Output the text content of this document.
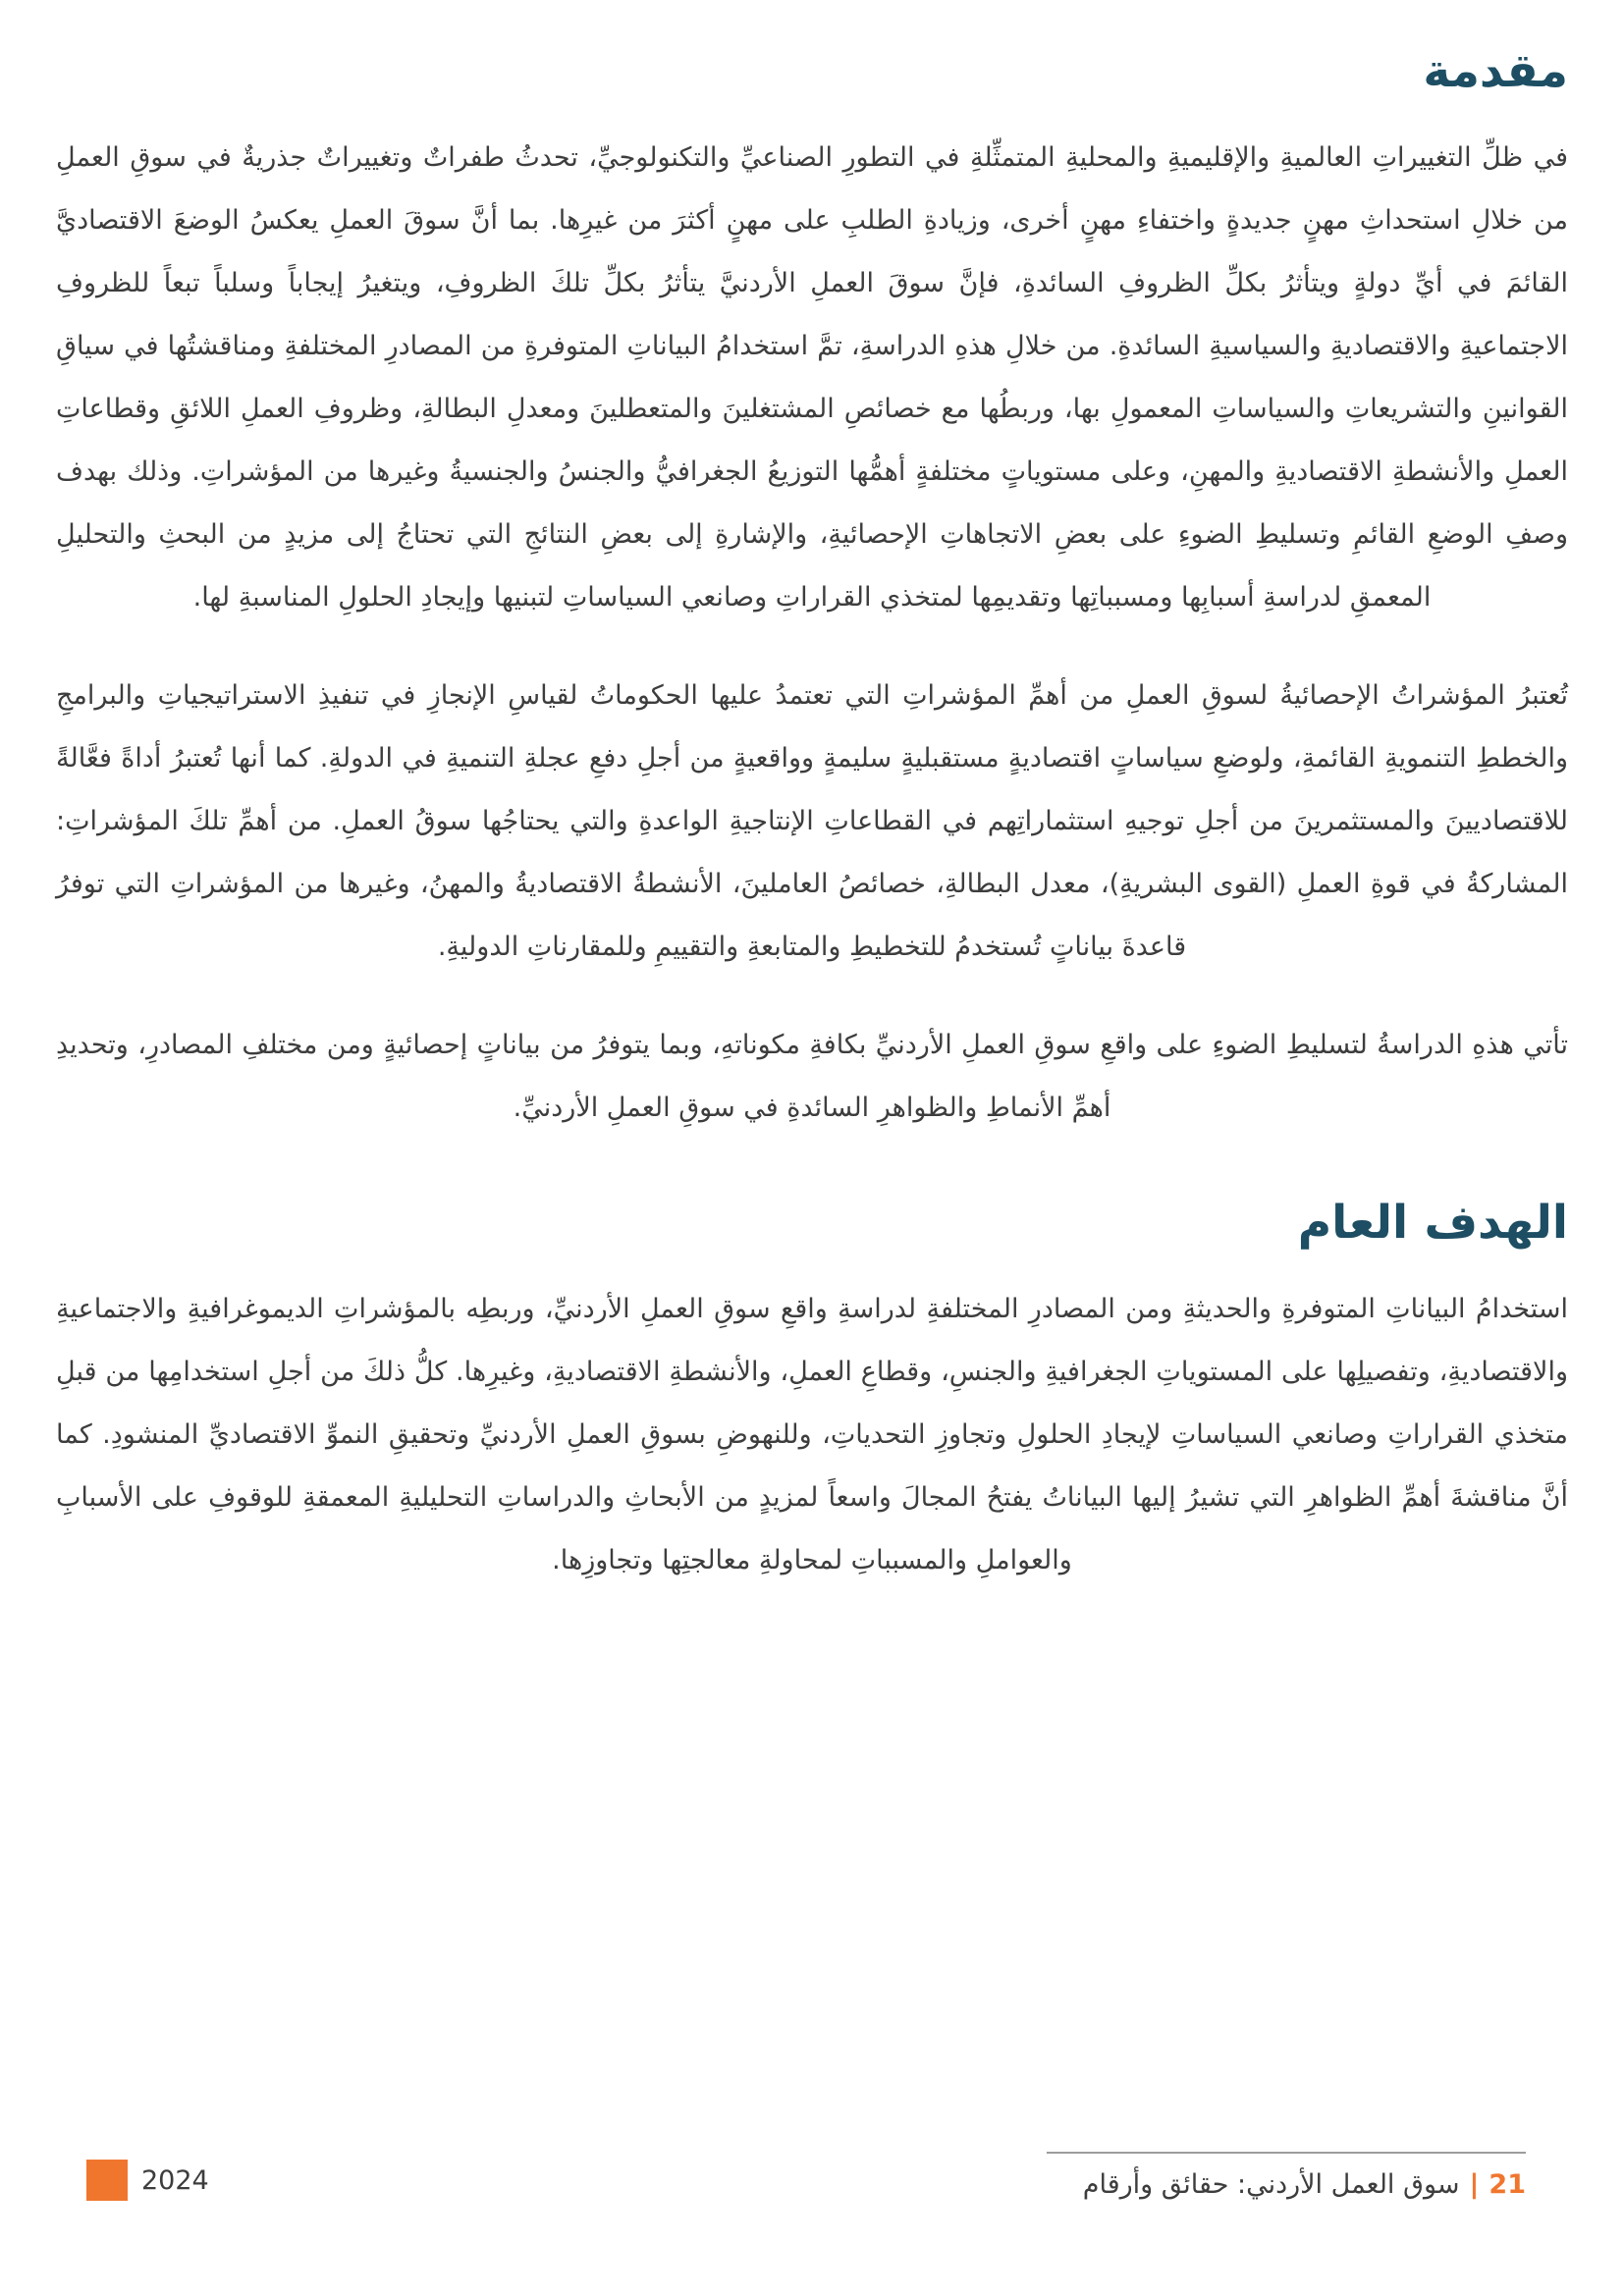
مقدمة

في ظلِّ التغييراتِ العالميةِ والإقليميةِ والمحليةِ المتمثِّلةِ في التطورِ الصناعيِّ والتكنولوجيِّ، تحدثُ طفراتٌ وتغييراتٌ جذريةٌ في سوقِ العملِ من خلالِ استحداثِ مهنٍ جديدةٍ واختفاءِ مهنٍ أخرى، وزيادةِ الطلبِ على مهنٍ أكثرَ من غيرِها. بما أنَّ سوقَ العملِ يعكسُ الوضعَ الاقتصاديَّ القائمَ في أيِّ دولةٍ ويتأثرُ بكلِّ الظروفِ السائدةِ، فإنَّ سوقَ العملِ الأردنيَّ يتأثرُ بكلِّ تلكَ الظروفِ، ويتغيرُ إيجاباً وسلباً تبعاً للظروفِ الاجتماعيةِ والاقتصاديةِ والسياسيةِ السائدةِ. من خلالِ هذهِ الدراسةِ، تمَّ استخدامُ البياناتِ المتوفرةِ من المصادرِ المختلفةِ ومناقشتُها في سياقِ القوانينِ والتشريعاتِ والسياساتِ المعمولِ بها، وربطُها مع خصائصِ المشتغلينَ والمتعطلينَ ومعدلِ البطالةِ، وظروفِ العملِ اللائقِ وقطاعاتِ العملِ والأنشطةِ الاقتصاديةِ والمهنِ، وعلى مستوياتٍ مختلفةٍ أهمُّها التوزيعُ الجغرافيُّ والجنسُ والجنسيةُ وغيرها من المؤشراتِ. وذلك بهدف وصفِ الوضعِ القائمِ وتسليطِ الضوءِ على بعضِ الاتجاهاتِ الإحصائيةِ، والإشارةِ إلى بعضِ النتائجِ التي تحتاجُ إلى مزيدٍ من البحثِ والتحليلِ المعمقِ لدراسةِ أسبابِها ومسبباتِها وتقديمِها لمتخذي القراراتِ وصانعي السياساتِ لتبنيها وإيجادِ الحلولِ المناسبةِ لها.

تُعتبرُ المؤشراتُ الإحصائيةُ لسوقِ العملِ من أهمِّ المؤشراتِ التي تعتمدُ عليها الحكوماتُ لقياسِ الإنجازِ في تنفيذِ الاستراتيجياتِ والبرامجِ والخططِ التنمويةِ القائمةِ، ولوضعِ سياساتٍ اقتصاديةٍ مستقبليةٍ سليمةٍ وواقعيةٍ من أجلِ دفعِ عجلةِ التنميةِ في الدولةِ. كما أنها تُعتبرُ أداةً فعَّالةً للاقتصاديينَ والمستثمرينَ من أجلِ توجيهِ استثماراتِهم في القطاعاتِ الإنتاجيةِ الواعدةِ والتي يحتاجُها سوقُ العملِ. من أهمِّ تلكَ المؤشراتِ: المشاركةُ في قوةِ العملِ (القوى البشريةِ)، معدل البطالةِ، خصائصُ العاملينَ، الأنشطةُ الاقتصاديةُ والمهنُ، وغيرها من المؤشراتِ التي توفرُ قاعدةَ بياناتٍ تُستخدمُ للتخطيطِ والمتابعةِ والتقييمِ وللمقارناتِ الدوليةِ.

تأتي هذهِ الدراسةُ لتسليطِ الضوءِ على واقعِ سوقِ العملِ الأردنيِّ بكافةِ مكوناتهِ، وبما يتوفرُ من بياناتٍ إحصائيةٍ ومن مختلفِ المصادرِ، وتحديدِ أهمِّ الأنماطِ والظواهرِ السائدةِ في سوقِ العملِ الأردنيِّ.

الهدف العام

استخدامُ البياناتِ المتوفرةِ والحديثةِ ومن المصادرِ المختلفةِ لدراسةِ واقعِ سوقِ العملِ الأردنيِّ، وربطِه بالمؤشراتِ الديموغرافيةِ والاجتماعيةِ والاقتصاديةِ، وتفصيلِها على المستوياتِ الجغرافيةِ والجنسِ، وقطاعِ العملِ، والأنشطةِ الاقتصاديةِ، وغيرِها. كلُّ ذلكَ من أجلِ استخدامِها من قبلِ متخذي القراراتِ وصانعي السياساتِ لإيجادِ الحلولِ وتجاوزِ التحدياتِ، وللنهوضِ بسوقِ العملِ الأردنيِّ وتحقيقِ النموِّ الاقتصاديِّ المنشودِ. كما أنَّ مناقشةَ أهمِّ الظواهرِ التي تشيرُ إليها البياناتُ يفتحُ المجالَ واسعاً لمزيدٍ من الأبحاثِ والدراساتِ التحليليةِ المعمقةِ للوقوفِ على الأسبابِ والعواملِ والمسبباتِ لمحاولةِ معالجتِها وتجاوزِها.

2024	21
|
سوق العمل الأردني: حقائق وأرقام
